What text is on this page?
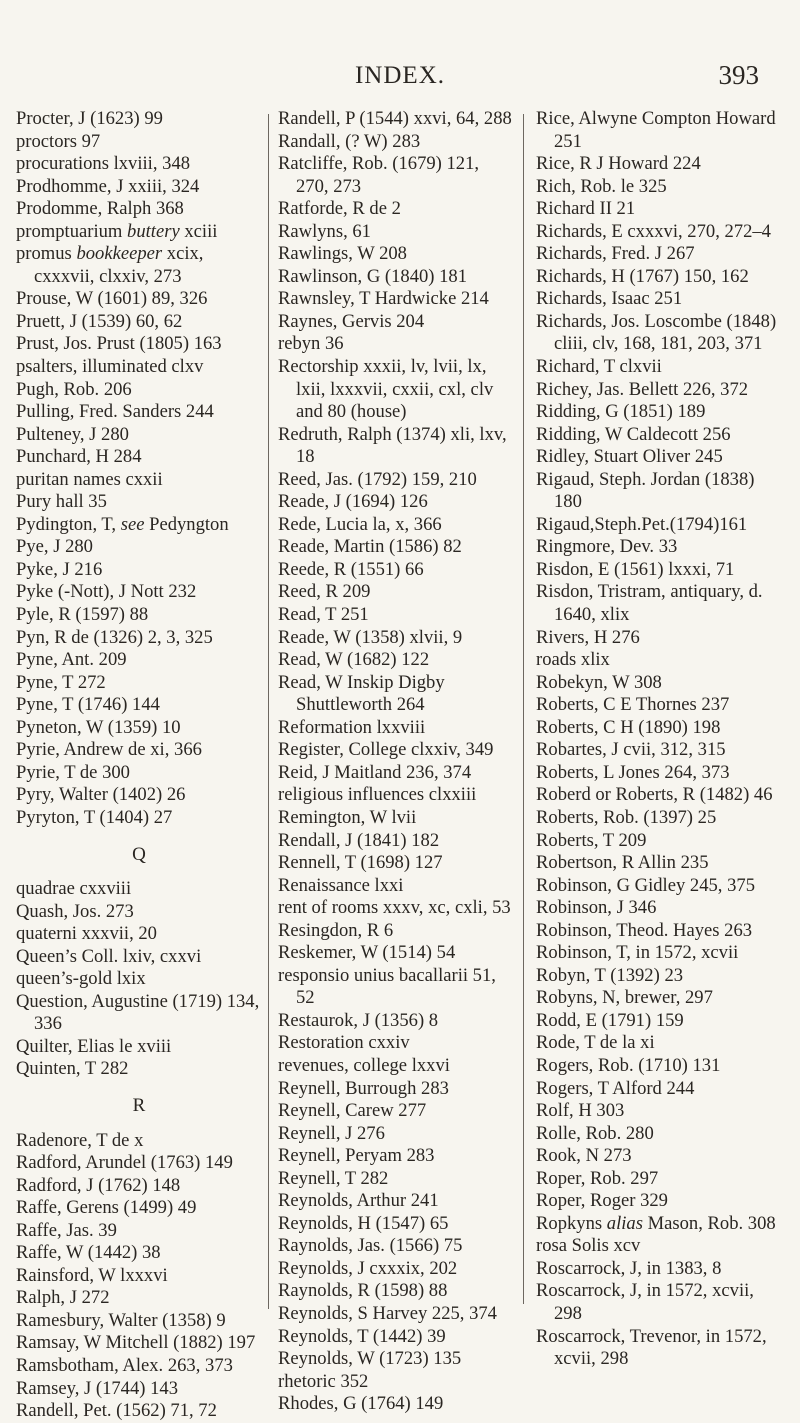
INDEX.	393
Procter, J (1623) 99
proctors 97
procurations lxviii, 348
Prodhomme, J xxiii, 324
Prodomme, Ralph 368
promptuarium buttery xciii
promus bookkeeper xcix, cxxxvii, clxxiv, 273
Prouse, W (1601) 89, 326
Pruett, J (1539) 60, 62
Prust, Jos. Prust (1805) 163
psalters, illuminated clxv
Pugh, Rob. 206
Pulling, Fred. Sanders 244
Pulteney, J 280
Punchard, H 284
puritan names cxxii
Pury hall 35
Pydington, T, see Pedyngton
Pye, J 280
Pyke, J 216
Pyke (-Nott), J Nott 232
Pyle, R (1597) 88
Pyn, R de (1326) 2, 3, 325
Pyne, Ant. 209
Pyne, T 272
Pyne, T (1746) 144
Pyneton, W (1359) 10
Pyrie, Andrew de xi, 366
Pyrie, T de 300
Pyry, Walter (1402) 26
Pyryton, T (1404) 27
Q
quadrae cxxviii
Quash, Jos. 273
quaterni xxxvii, 20
Queen’s Coll. lxiv, cxxvi
queen’s-gold lxix
Question, Augustine (1719) 134, 336
Quilter, Elias le xviii
Quinten, T 282
R
Radenore, T de x
Radford, Arundel (1763) 149
Radford, J (1762) 148
Raffe, Gerens (1499) 49
Raffe, Jas. 39
Raffe, W (1442) 38
Rainsford, W lxxxvi
Ralph, J 272
Ramesbury, Walter (1358) 9
Ramsay, W Mitchell (1882) 197
Ramsbotham, Alex. 263, 373
Ramsey, J (1744) 143
Randell, Pet. (1562) 71, 72
Randell, P (1544) xxvi, 64, 288
Randall, (? W) 283
Ratcliffe, Rob. (1679) 121, 270, 273
Ratforde, R de 2
Rawlyns, 61
Rawlings, W 208
Rawlinson, G (1840) 181
Rawnsley, T Hardwicke 214
Raynes, Gervis 204
rebyn 36
Rectorship xxxii, lv, lvii, lx, lxii, lxxxvii, cxxii, cxl, clv and 80 (house)
Redruth, Ralph (1374) xli, lxv, 18
Reed, Jas. (1792) 159, 210
Reade, J (1694) 126
Rede, Lucia la, x, 366
Reade, Martin (1586) 82
Reede, R (1551) 66
Reed, R 209
Read, T 251
Reade, W (1358) xlvii, 9
Read, W (1682) 122
Read, W Inskip Digby Shuttleworth 264
Reformation lxxviii
Register, College clxxiv, 349
Reid, J Maitland 236, 374
religious influences clxxiii
Remington, W lvii
Rendall, J (1841) 182
Rennell, T (1698) 127
Renaissance lxxi
rent of rooms xxxv, xc, cxli, 53
Resingdon, R 6
Reskemer, W (1514) 54
responsio unius bacallarii 51, 52
Restaurok, J (1356) 8
Restoration cxxiv
revenues, college lxxvi
Reynell, Burrough 283
Reynell, Carew 277
Reynell, J 276
Reynell, Peryam 283
Reynell, T 282
Reynolds, Arthur 241
Reynolds, H (1547) 65
Raynolds, Jas. (1566) 75
Reynolds, J cxxxix, 202
Raynolds, R (1598) 88
Reynolds, S Harvey 225, 374
Reynolds, T (1442) 39
Reynolds, W (1723) 135
rhetoric 352
Rhodes, G (1764) 149
Rice, Alwyne Compton Howard 251
Rice, R J Howard 224
Rich, Rob. le 325
Richard II 21
Richards, E cxxxvi, 270, 272–4
Richards, Fred. J 267
Richards, H (1767) 150, 162
Richards, Isaac 251
Richards, Jos. Loscombe (1848) cliii, clv, 168, 181, 203, 371
Richard, T clxvii
Richey, Jas. Bellett 226, 372
Ridding, G (1851) 189
Ridding, W Caldecott 256
Ridley, Stuart Oliver 245
Rigaud, Steph. Jordan (1838) 180
Rigaud,Steph.Pet.(1794)161
Ringmore, Dev. 33
Risdon, E (1561) lxxxi, 71
Risdon, Tristram, antiquary, d. 1640, xlix
Rivers, H 276
roads xlix
Robekyn, W 308
Roberts, C E Thornes 237
Roberts, C H (1890) 198
Robartes, J cvii, 312, 315
Roberts, L Jones 264, 373
Roberd or Roberts, R (1482) 46
Roberts, Rob. (1397) 25
Roberts, T 209
Robertson, R Allin 235
Robinson, G Gidley 245, 375
Robinson, J 346
Robinson, Theod. Hayes 263
Robinson, T, in 1572, xcvii
Robyn, T (1392) 23
Robyns, N, brewer, 297
Rodd, E (1791) 159
Rode, T de la xi
Rogers, Rob. (1710) 131
Rogers, T Alford 244
Rolf, H 303
Rolle, Rob. 280
Rook, N 273
Roper, Rob. 297
Roper, Roger 329
Ropkyns alias Mason, Rob. 308
rosa Solis xcv
Roscarrock, J, in 1383, 8
Roscarrock, J, in 1572, xcvii, 298
Roscarrock, Trevenor, in 1572, xcvii, 298
